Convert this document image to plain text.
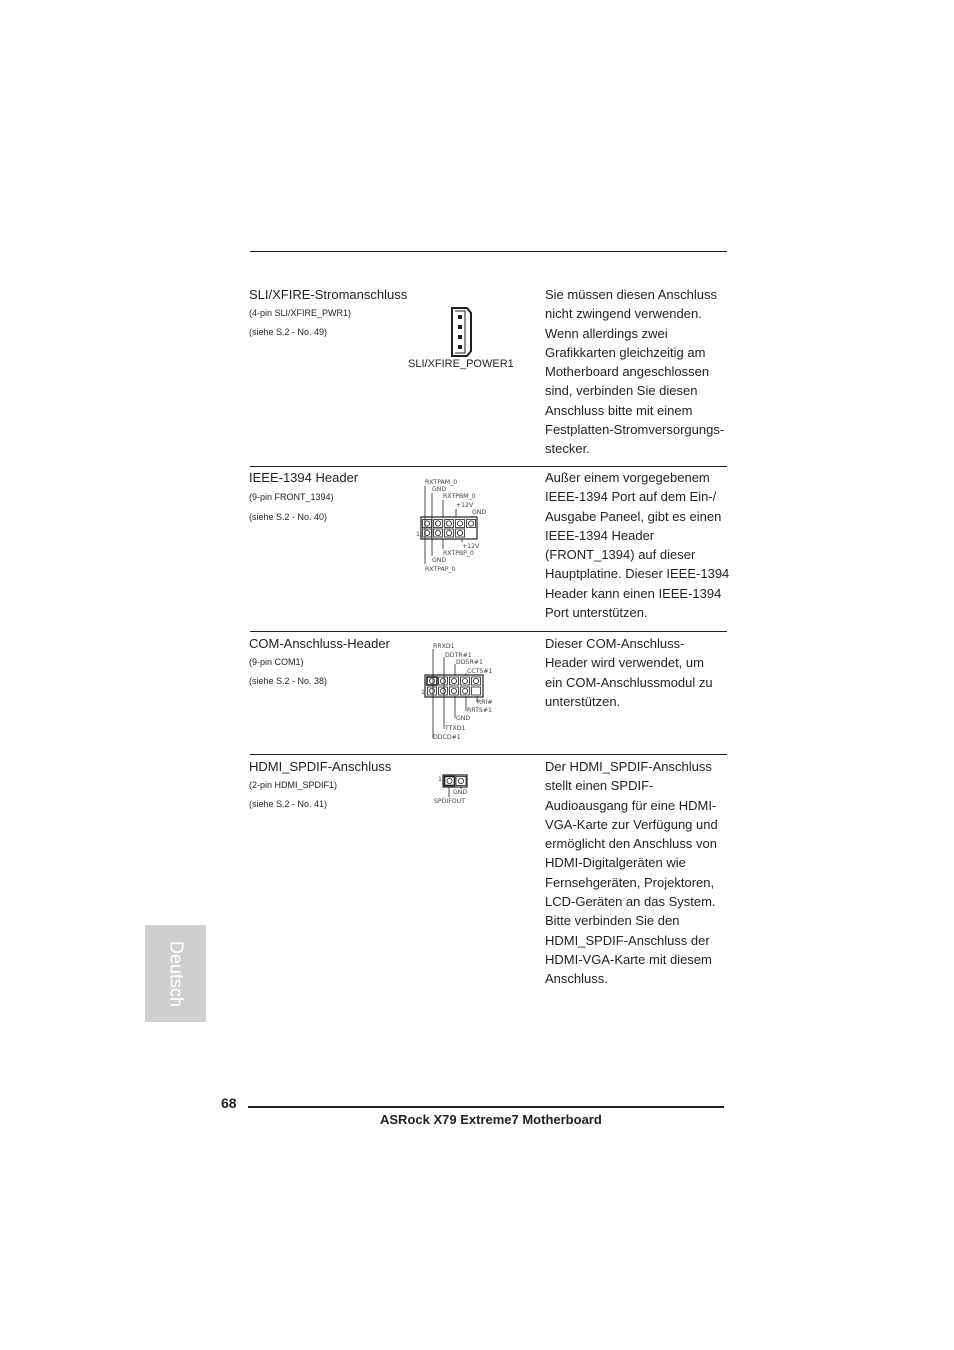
SLI/XFIRE-Stromanschluss
(4-pin SLI/XFIRE_PWR1)
(siehe S.2 - No. 49)
SLI/XFIRE_POWER1
Sie müssen diesen Anschluss
nicht zwingend verwenden.
Wenn allerdings zwei
Grafikkarten gleichzeitig am
Motherboard angeschlossen
sind, verbinden Sie diesen
Anschluss bitte mit einem
Festplatten-Stromversorgungs-
stecker.
IEEE-1394 Header
(9-pin FRONT_1394)
(siehe S.2 - No. 40)
RXTPAM_0
GND
RXTPBM_0
+12V
GND
1
+12V
RXTPBP_0
GND
RXTPAP_0
Außer einem vorgegebenem
IEEE-1394 Port auf dem Ein-/
Ausgabe Paneel, gibt es einen
IEEE-1394 Header
(FRONT_1394) auf dieser
Hauptplatine. Dieser IEEE-1394
Header kann einen IEEE-1394
Port unterstützen.
COM-Anschluss-Header
(9-pin COM1)
(siehe S.2 - No. 38)
RRXD1
DDTR#1
DDSR#1
CCTS#1
1
RRI#
RRTS#1
GND
TTXD1
DDCD#1
Dieser COM-Anschluss-
Header wird verwendet, um
ein COM-Anschlussmodul zu
unterstützen.
HDMI_SPDIF-Anschluss
(2-pin HDMI_SPDIF1)
(siehe S.2 - No. 41)
1
GND
SPDIFOUT
Der HDMI_SPDIF-Anschluss
stellt einen SPDIF-
Audioausgang für eine HDMI-
VGA-Karte zur Verfügung und
ermöglicht den Anschluss von
HDMI-Digitalgeräten wie
Fernsehgeräten, Projektoren,
LCD-Geräten an das System.
Bitte verbinden Sie den
HDMI_SPDIF-Anschluss der
HDMI-VGA-Karte mit diesem
Anschluss.
Deutsch
68
ASRock X79 Extreme7 Motherboard
